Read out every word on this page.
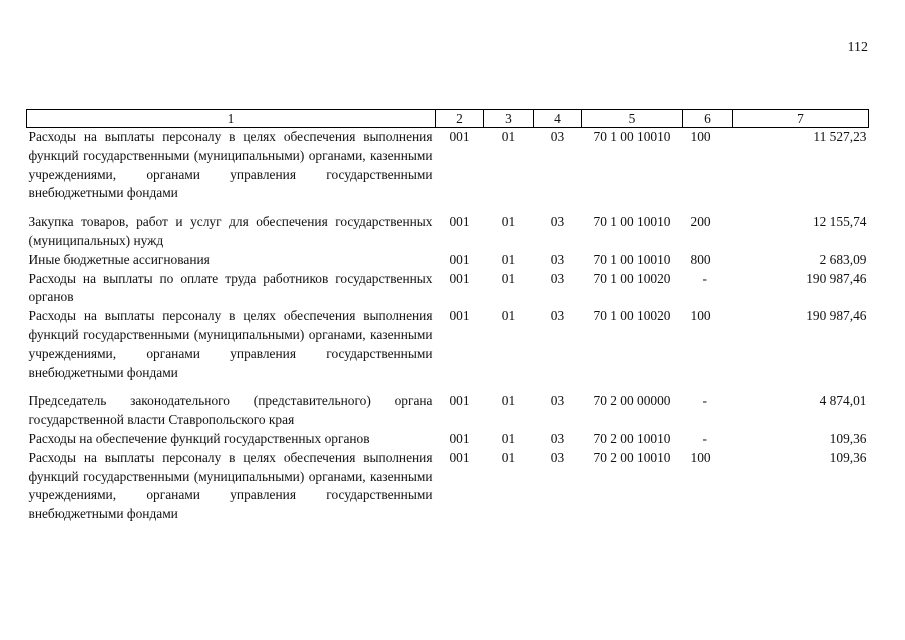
112
1	2	3	4	5	6	7
Расходы на выплаты персоналу в целях обеспечения выполнения функций государственными (муниципальными) органами, казенными учреждениями, органами управления государственными внебюджетными фондами	001	01	03	70 1 00 10010	100	11 527,23
Закупка товаров, работ и услуг для обеспечения государственных (муниципальных) нужд	001	01	03	70 1 00 10010	200	12 155,74
Иные бюджетные ассигнования	001	01	03	70 1 00 10010	800	2 683,09
Расходы на выплаты по оплате труда работников государственных органов	001	01	03	70 1 00 10020	-	190 987,46
Расходы на выплаты персоналу в целях обеспечения выполнения функций государственными (муниципальными) органами, казенными учреждениями, органами управления государственными внебюджетными фондами	001	01	03	70 1 00 10020	100	190 987,46
Председатель законодательного (представительного) органа государственной власти Ставропольского края	001	01	03	70 2 00 00000	-	4 874,01
Расходы на обеспечение функций государственных органов	001	01	03	70 2 00 10010	-	109,36
Расходы на выплаты персоналу в целях обеспечения выполнения функций государственными (муниципальными) органами, казенными учреждениями, органами управления государственными внебюджетными фондами	001	01	03	70 2 00 10010	100	109,36
